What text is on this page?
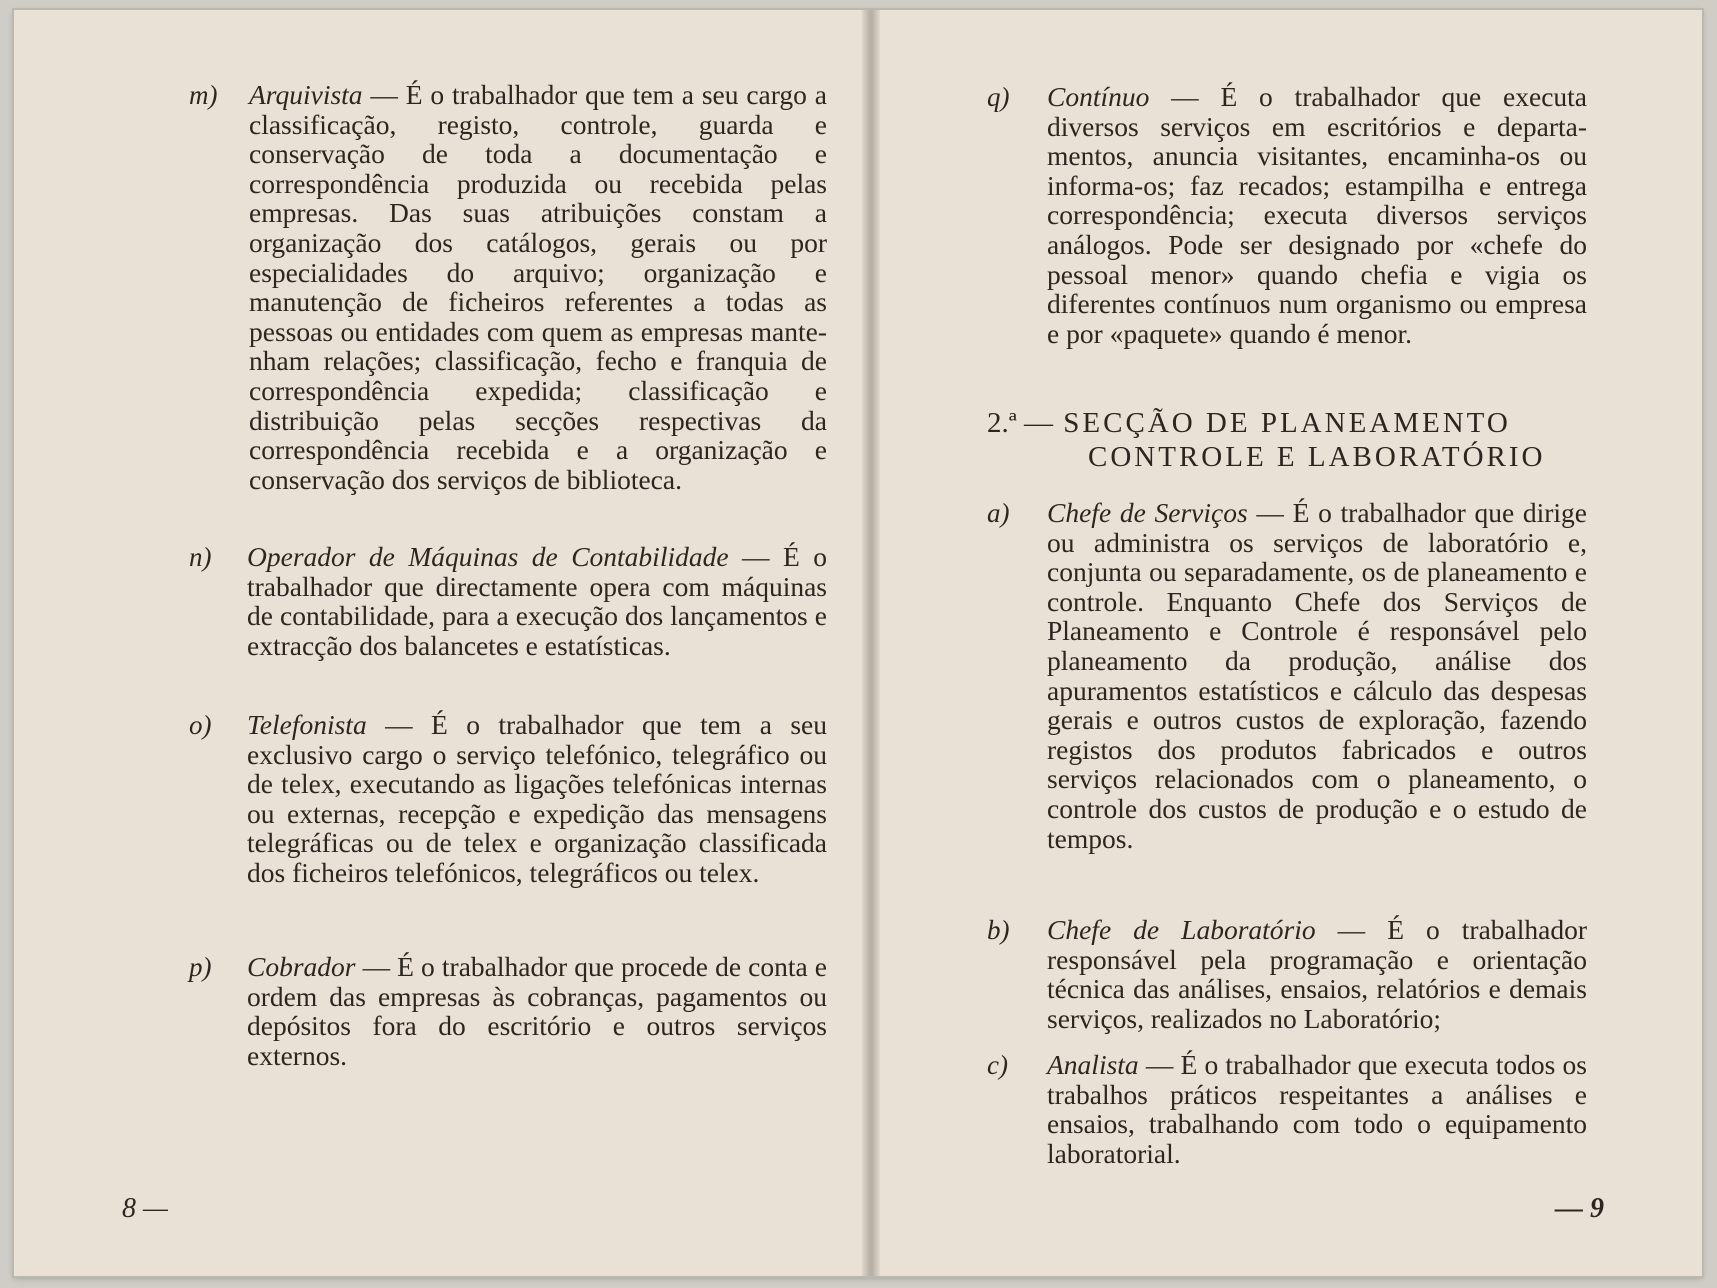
m) Arquivista — É o trabalhador que tem a seu cargo a classificação, registo, controle, guarda e conservação de toda a documentação e correspondência produzida ou recebida pelas empresas. Das suas atribuições constam a organização dos catálogos, gerais ou por especialidades do arquivo; organização e manutenção de ficheiros referentes a todas as pessoas ou entidades com quem as empresas mantenham relações; classificação, fecho e franquia de correspondência expedida; classificação e distribuição pelas secções respectivas da correspondência recebida e a organização e conservação dos serviços de biblioteca.
n) Operador de Máquinas de Contabilidade — É o trabalhador que directamente opera com máquinas de contabilidade, para a execução dos lançamentos e extracção dos balancetes e estatísticas.
o) Telefonista — É o trabalhador que tem a seu exclusivo cargo o serviço telefónico, telegráfico ou de telex, executando as ligações telefónicas internas ou externas, recepção e expedição das mensagens telegráficas ou de telex e organização classificada dos ficheiros telefónicos, telegráficos ou telex.
p) Cobrador — É o trabalhador que procede de conta e ordem das empresas às cobranças, pagamentos ou depósitos fora do escritório e outros serviços externos.
8 —
q) Contínuo — É o trabalhador que executa diversos serviços em escritórios e departamentos, anuncia visitantes, encaminha-os ou informa-os; faz recados; estampilha e entrega correspondência; executa diversos serviços análogos. Pode ser designado por «chefe do pessoal menor» quando chefia e vigia os diferentes contínuos num organismo ou empresa e por «paquete» quando é menor.
2.ª — SECÇÃO DE PLANEAMENTO
CONTROLE E LABORATÓRIO
a) Chefe de Serviços — É o trabalhador que dirige ou administra os serviços de laboratório e, conjunta ou separadamente, os de planeamento e controle. Enquanto Chefe dos Serviços de Planeamento e Controle é responsável pelo planeamento da produção, análise dos apuramentos estatísticos e cálculo das despesas gerais e outros custos de exploração, fazendo registos dos produtos fabricados e outros serviços relacionados com o planeamento, o controle dos custos de produção e o estudo de tempos.
b) Chefe de Laboratório — É o trabalhador responsável pela programação e orientação técnica das análises, ensaios, relatórios e demais serviços, realizados no Laboratório;
c) Analista — É o trabalhador que executa todos os trabalhos práticos respeitantes a análises e ensaios, trabalhando com todo o equipamento laboratorial.
— 9
